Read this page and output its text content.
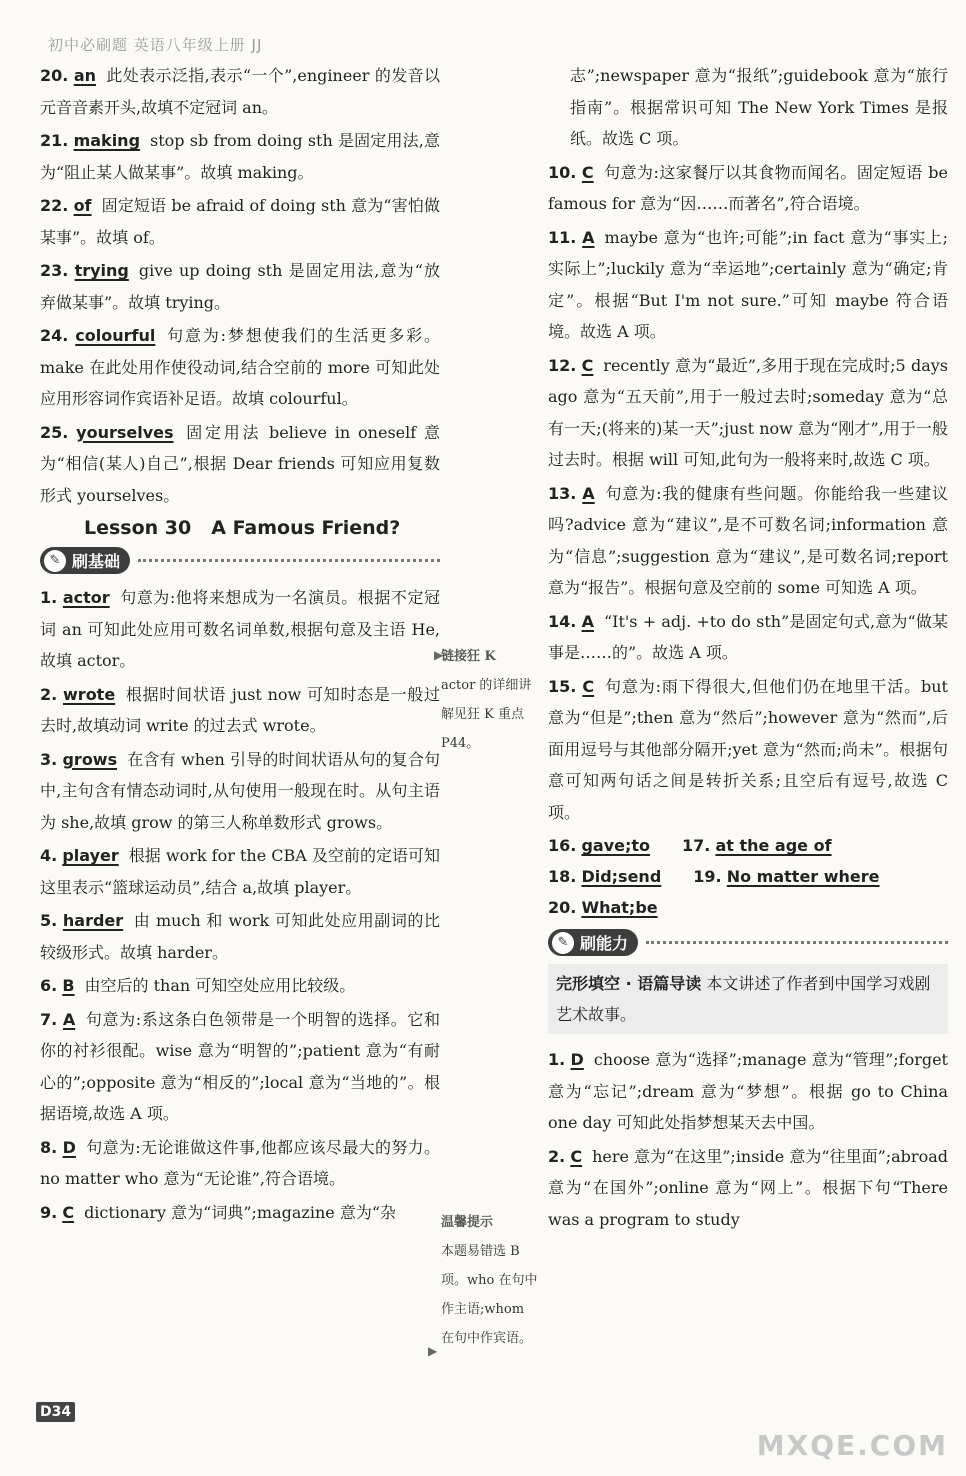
初中必刷题 英语八年级上册 JJ
20. an 此处表示泛指,表示“一个”,engineer 的发音以元音音素开头,故填不定冠词 an。
21. making stop sb from doing sth 是固定用法,意为“阻止某人做某事”。故填 making。
22. of 固定短语 be afraid of doing sth 意为“害怕做某事”。故填 of。
23. trying give up doing sth 是固定用法,意为“放弃做某事”。故填 trying。
24. colourful 句意为:梦想使我们的生活更多彩。make 在此处用作使役动词,结合空前的 more 可知此处应用形容词作宾语补足语。故填 colourful。
25. yourselves 固定用法 believe in oneself 意为“相信(某人)自己”,根据 Dear friends 可知应用复数形式 yourselves。
Lesson 30 A Famous Friend?
✎ 刷基础
1. actor 句意为:他将来想成为一名演员。根据不定冠词 an 可知此处应用可数名词单数,根据句意及主语 He,故填 actor。
2. wrote 根据时间状语 just now 可知时态是一般过去时,故填动词 write 的过去式 wrote。
3. grows 在含有 when 引导的时间状语从句的复合句中,主句含有情态动词时,从句使用一般现在时。从句主语为 she,故填 grow 的第三人称单数形式 grows。
4. player 根据 work for the CBA 及空前的定语可知这里表示“篮球运动员”,结合 a,故填 player。
5. harder 由 much 和 work 可知此处应用副词的比较级形式。故填 harder。
6. B 由空后的 than 可知空处应用比较级。
7. A 句意为:系这条白色领带是一个明智的选择。它和你的衬衫很配。wise 意为“明智的”;patient 意为“有耐心的”;opposite 意为“相反的”;local 意为“当地的”。根据语境,故选 A 项。
8. D 句意为:无论谁做这件事,他都应该尽最大的努力。no matter who 意为“无论谁”,符合语境。
9. C dictionary 意为“词典”;magazine 意为“杂
▶
链接狂 K
actor 的详细讲解见狂 K 重点 P44。
温馨提示
本题易错选 B 项。who 在句中作主语;whom 在句中作宾语。
▶
志”;newspaper 意为“报纸”;guidebook 意为“旅行指南”。根据常识可知 The New York Times 是报纸。故选 C 项。
10. C 句意为:这家餐厅以其食物而闻名。固定短语 be famous for 意为“因……而著名”,符合语境。
11. A maybe 意为“也许;可能”;in fact 意为“事实上;实际上”;luckily 意为“幸运地”;certainly 意为“确定;肯定”。根据“But I'm not sure.”可知 maybe 符合语境。故选 A 项。
12. C recently 意为“最近”,多用于现在完成时;5 days ago 意为“五天前”,用于一般过去时;someday 意为“总有一天;(将来的)某一天”;just now 意为“刚才”,用于一般过去时。根据 will 可知,此句为一般将来时,故选 C 项。
13. A 句意为:我的健康有些问题。你能给我一些建议吗?advice 意为“建议”,是不可数名词;information 意为“信息”;suggestion 意为“建议”,是可数名词;report 意为“报告”。根据句意及空前的 some 可知选 A 项。
14. A “It's + adj. +to do sth”是固定句式,意为“做某事是……的”。故选 A 项。
15. C 句意为:雨下得很大,但他们仍在地里干活。but 意为“但是”;then 意为“然后”;however 意为“然而”,后面用逗号与其他部分隔开;yet 意为“然而;尚未”。根据句意可知两句话之间是转折关系;且空后有逗号,故选 C 项。
16. gave;to 17. at the age of
18. Did;send 19. No matter where
20. What;be
✎ 刷能力
完形填空 · 语篇导读 本文讲述了作者到中国学习戏剧艺术故事。
1. D choose 意为“选择”;manage 意为“管理”;forget 意为“忘记”;dream 意为“梦想”。根据 go to China one day 可知此处指梦想某天去中国。
2. C here 意为“在这里”;inside 意为“往里面”;abroad 意为“在国外”;online 意为“网上”。根据下句“There was a program to study
D34
MXQE.COM
